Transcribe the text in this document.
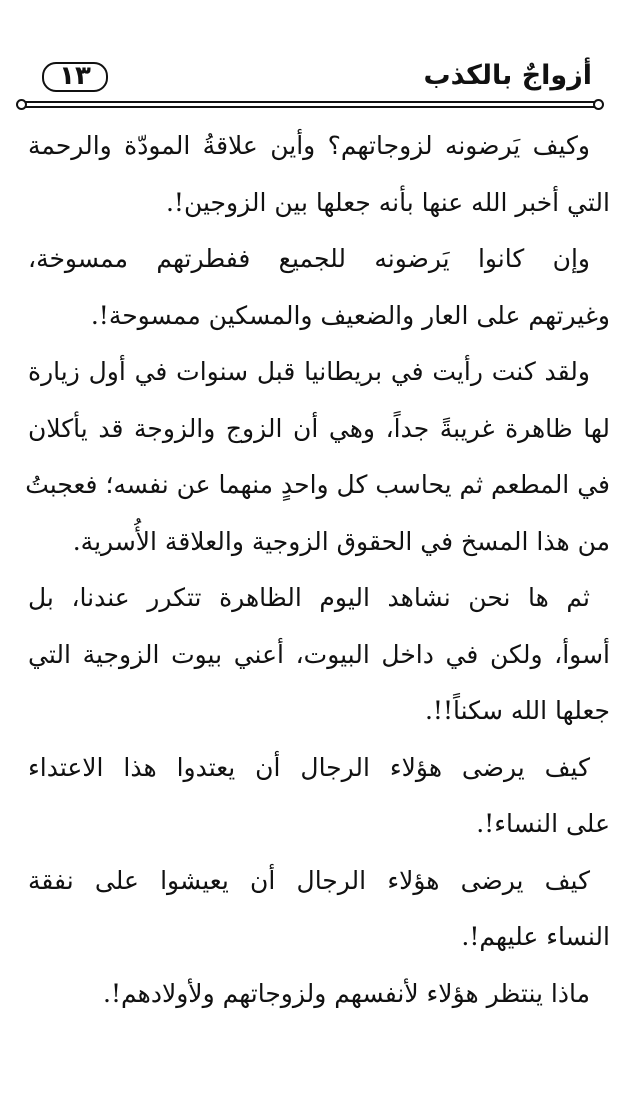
١٣	أزواجٌ بالكذب
وكيف يَرضونه لزوجاتهم؟ وأين علاقةُ المودّة والرحمة
التي أخبر الله عنها بأنه جعلها بين الزوجين!.
وإن كانوا يَرضونه للجميع ففطرتهم ممسوخة،
وغيرتهم على العار والضعيف والمسكين ممسوحة!.
ولقد كنت رأيت في بريطانيا قبل سنوات في أول زيارة
لها ظاهرة غريبةً جداً، وهي أن الزوج والزوجة قد يأكلان
في المطعم ثم يحاسب كل واحدٍ منهما عن نفسه؛ فعجبتُ
من هذا المسخ في الحقوق الزوجية والعلاقة الأُسرية.
ثم ها نحن نشاهد اليوم الظاهرة تتكرر عندنا، بل
أسوأ، ولكن في داخل البيوت، أعني بيوت الزوجية التي
جعلها الله سكناً!!.
كيف يرضى هؤلاء الرجال أن يعتدوا هذا الاعتداء
على النساء!.
كيف يرضى هؤلاء الرجال أن يعيشوا على نفقة
النساء عليهم!.
ماذا ينتظر هؤلاء لأنفسهم ولزوجاتهم ولأولادهم!.
